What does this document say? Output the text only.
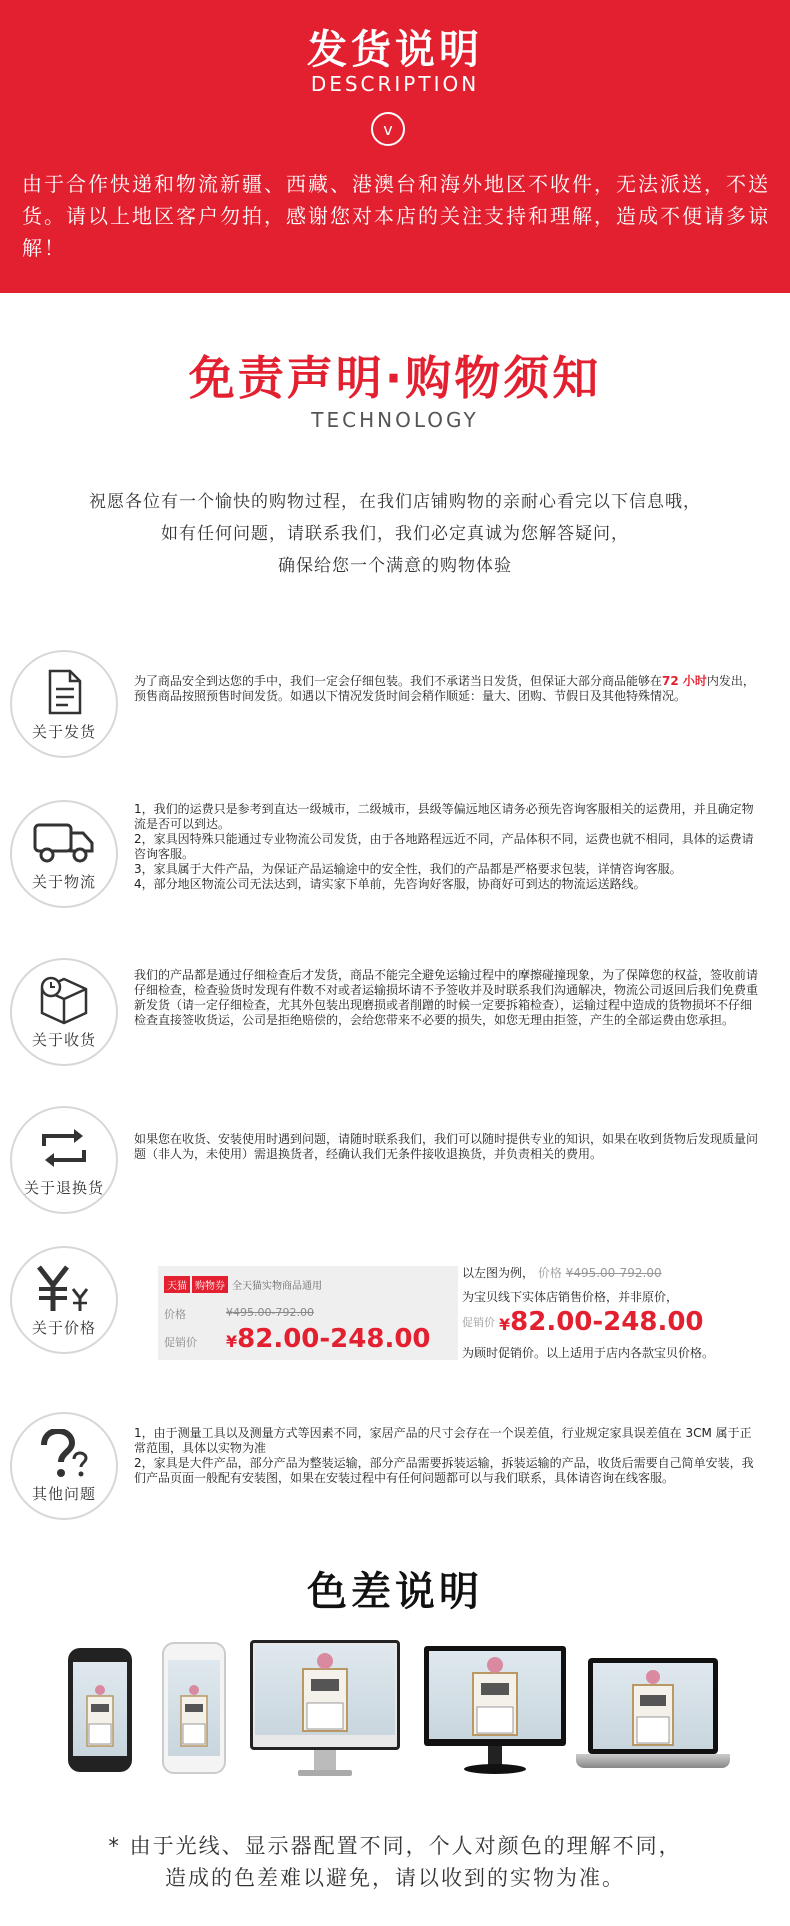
发货说明
DESCRIPTION
v
由于合作快递和物流新疆、西藏、港澳台和海外地区不收件，无法派送，不送货。请以上地区客户勿拍，感谢您对本店的关注支持和理解，造成不便请多谅解！
免责声明·购物须知
TECHNOLOGY
祝愿各位有一个愉快的购物过程，在我们店铺购物的亲耐心看完以下信息哦，
如有任何问题，请联系我们，我们必定真诚为您解答疑问，
确保给您一个满意的购物体验
关于发货
为了商品安全到达您的手中，我们一定会仔细包装。我们不承诺当日发货，但保证大部分商品能够在72 小时内发出，预售商品按照预售时间发货。如遇以下情况发货时间会稍作顺延：量大、团购、节假日及其他特殊情况。
关于物流
1，我们的运费只是参考到直达一级城市，二级城市，县级等偏远地区请务必预先咨询客服相关的运费用，并且确定物流是否可以到达。
2，家具因特殊只能通过专业物流公司发货，由于各地路程远近不同，产品体积不同，运费也就不相同，具体的运费请咨询客服。
3，家具属于大件产品，为保证产品运输途中的安全性，我们的产品都是严格要求包装，详情咨询客服。
4，部分地区物流公司无法达到，请实家下单前，先咨询好客服，协商好可到达的物流运送路线。
关于收货
我们的产品都是通过仔细检查后才发货，商品不能完全避免运输过程中的摩擦碰撞现象，为了保障您的权益，签收前请仔细检查，检查验货时发现有件数不对或者运输损坏请不予签收并及时联系我们沟通解决，物流公司返回后我们免费重新发货（请一定仔细检查，尤其外包装出现磨损或者削蹭的时候一定要拆箱检查），运输过程中造成的货物损坏不仔细检查直接签收货运，公司是拒绝赔偿的，会给您带来不必要的损失，如您无理由拒签，产生的全部运费由您承担。
关于退换货
如果您在收货、安装使用时遇到问题，请随时联系我们，我们可以随时提供专业的知识，如果在收到货物后发现质量问题（非人为，未使用）需退换货者，经确认我们无条件接收退换货，并负责相关的费用。
关于价格
天猫 购物券 全天猫实物商品通用
价格	¥495.00-792.00
促销价 ¥82.00-248.00
以左图为例， 价格 ¥495.00-792.00
为宝贝线下实体店销售价格，并非原价，
促销价 ¥82.00-248.00
为顾时促销价。以上适用于店内各款宝贝价格。
其他问题
1，由于测量工具以及测量方式等因素不同，家居产品的尺寸会存在一个误差值，行业规定家具误差值在 3CM 属于正常范围，具体以实物为准
2，家具是大件产品，部分产品为整装运输，部分产品需要拆装运输，拆装运输的产品，收货后需要自己简单安装，我们产品页面一般配有安装图，如果在安装过程中有任何问题都可以与我们联系，具体请咨询在线客服。
色差说明
* 由于光线、显示器配置不同，个人对颜色的理解不同，
造成的色差难以避免，请以收到的实物为准。
